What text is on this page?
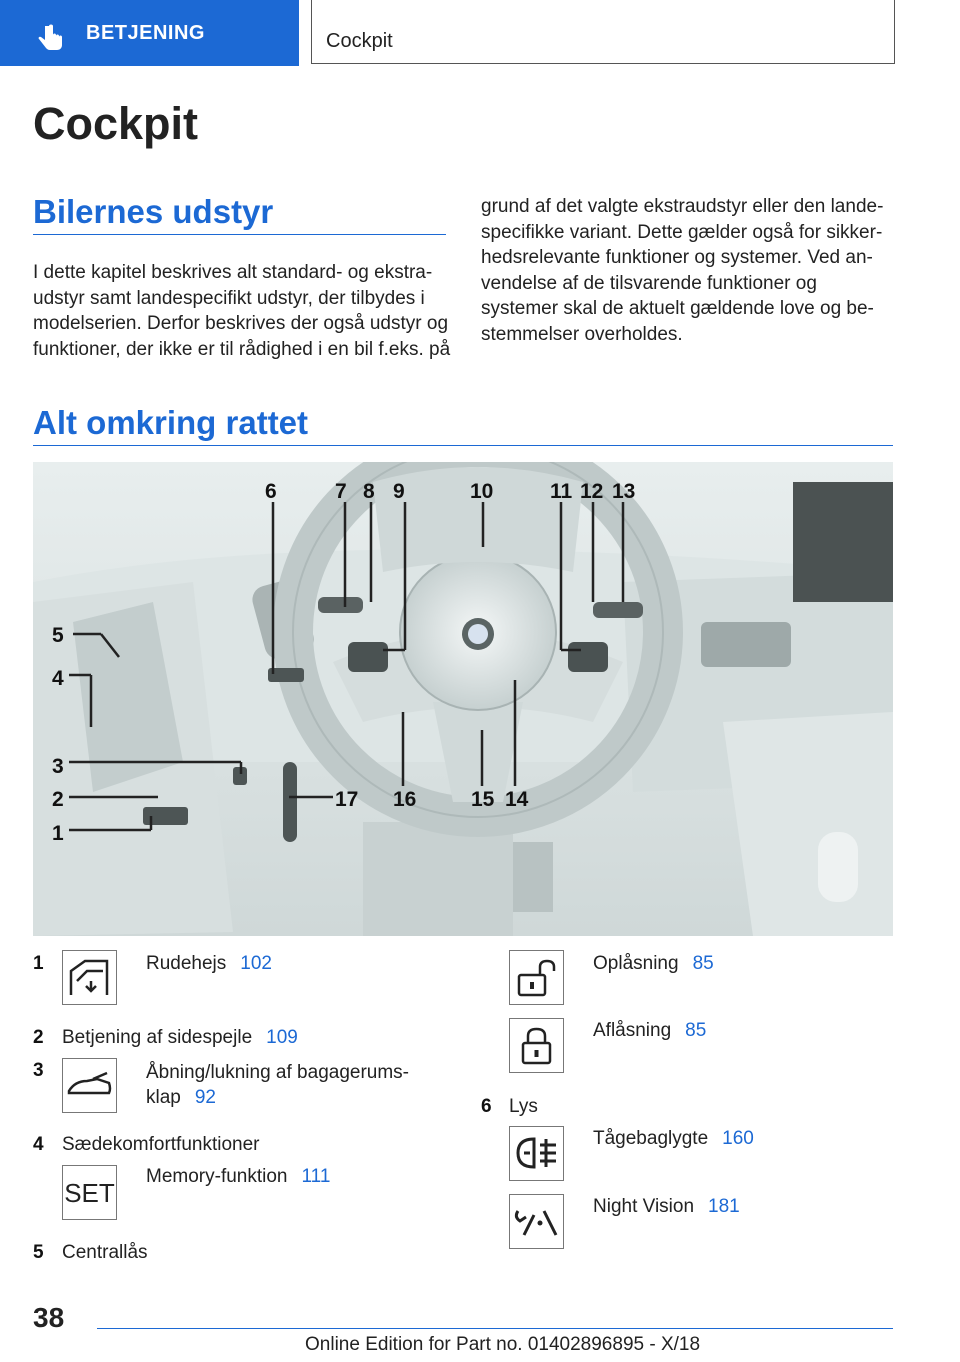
BETJENING	Cockpit
Cockpit
Bilernes udstyr
I dette kapitel beskrives alt standard- og ekstra-
udstyr samt landespecifikt udstyr, der tilbydes i
modelserien. Derfor beskrives der også udstyr og
funktioner, der ikke er til rådighed i en bil f.eks. på
grund af det valgte ekstraudstyr eller den lande-
specifikke variant. Dette gælder også for sikker-
hedsrelevante funktioner og systemer. Ved an-
vendelse af de tilsvarende funktioner og
systemer skal de aktuelt gældende love og be-
stemmelser overholdes.
Alt omkring rattet
1
2
3
4
5
6	7 8 9	10	11 12 13
14
15
16
17
1	Rudehejs 102
2 Betjening af sidespejle 109
3	Åbning/lukning af bagagerums-
klap 92
4 Sædekomfortfunktioner
SET
Memory-funktion 111
5 Centrallås
Oplåsning 85
Aflåsning 85
6 Lys
Tågebaglygte 160
Night Vision 181
38
Online Edition for Part no. 01402896895 - X/18
